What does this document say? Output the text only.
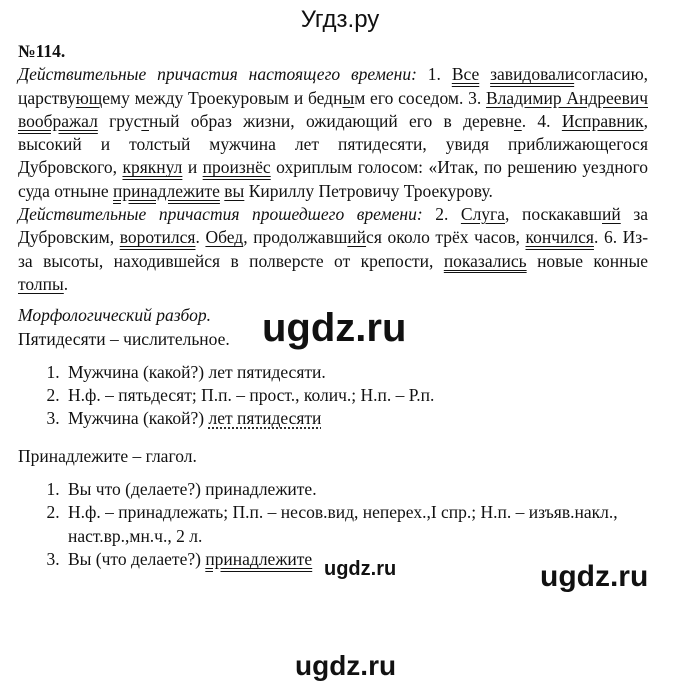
Угдз.ру

№114.

Действительные причастия настоящего времени: 1. Все завидовалисогласию, царствующему между Троекуровым и бедным его соседом. 3. Владимир Андреевич воображал грустный образ жизни, ожидающий его в деревне. 4. Исправник, высокий и толстый мужчина лет пятидесяти, увидя приближающегося Дубровского, крякнул и произнёс охриплым голосом: «Итак, по решению уездного суда отныне принадлежите вы Кириллу Петровичу Троекурову.

Действительные причастия прошедшего времени: 2. Слуга, поскакавший за Дубровским, воротился. Обед, продолжавшийся около трёх часов, кончился. 6. Из-за высоты, находившейся в полверсте от крепости, показались новые конные толпы.

Морфологический разбор.

Пятидесяти – числительное.

1. Мужчина (какой?) лет пятидесяти.
2. Н.ф. – пятьдесят; П.п. – прост., колич.; Н.п. – Р.п.
3. Мужчина (какой?) лет пятидесяти

Принадлежите – глагол.

1. Вы что (делаете?) принадлежите.
2. Н.ф. – принадлежать; П.п. – несов.вид, неперех.,I спр.; Н.п. – изъяв.накл., наст.вр.,мн.ч., 2 л.
3. Вы (что делаете?) принадлежите
ugdz.ru
ugdz.ru	ugdz.ru
ugdz.ru
